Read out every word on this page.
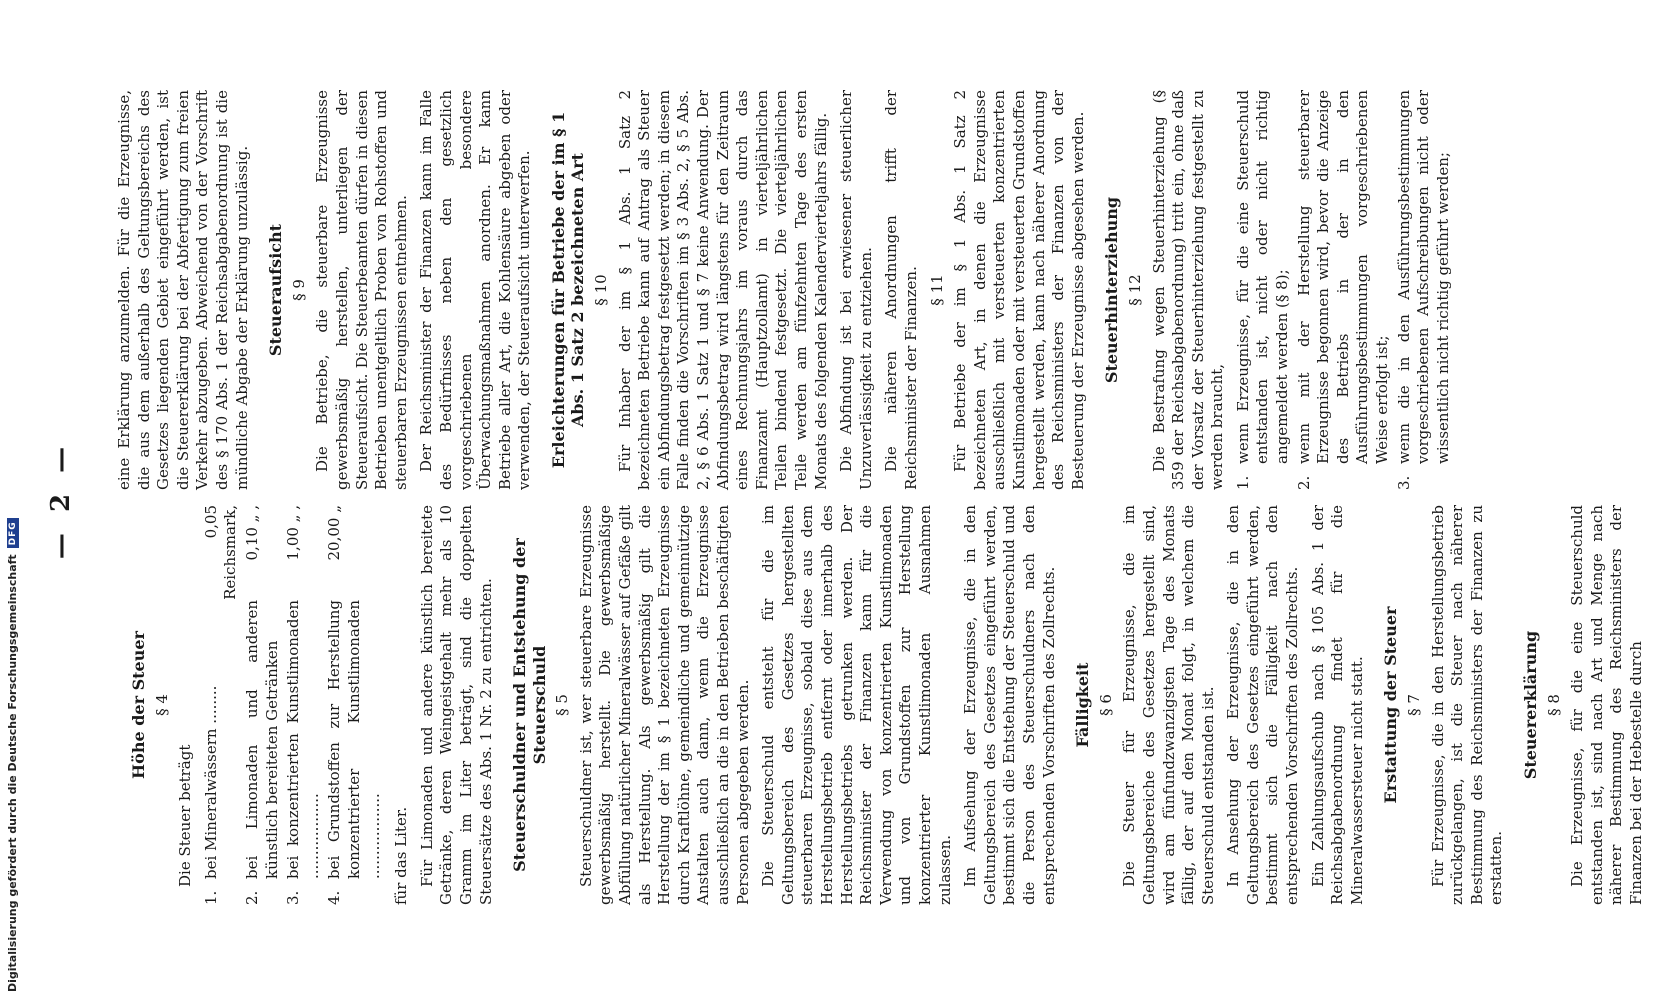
— 2 —
Höhe der Steuer § 4
Die Steuer beträgt
1.
bei Mineralwässern ........
0,05 Reichsmark,
2.
bei Limonaden und anderen künstlich bereiteten Getränken
0,10 „ ,
3.
bei konzentrierten Kunstlimonaden ..................
1,00 „ ,
4.
bei Grundstoffen zur Herstellung konzentrierter Kunstlimonaden ..................
20,00 „
für das Liter. Für Limonaden und andere künstlich bereitete Getränke, deren Weingeistgehalt mehr als 10 Gramm im Liter beträgt, sind die doppelten Steuersätze des Abs. 1 Nr. 2 zu entrichten. Steuerschuldner und Entstehung der Steuerschuld § 5 Steuerschuldner ist, wer steuerbare Erzeugnisse gewerbsmäßig herstellt. Die gewerbsmäßige Abfüllung natürlicher Mineralwässer auf Gefäße gilt als Herstellung. Als gewerbsmäßig gilt die Herstellung der im § 1 bezeichneten Erzeugnisse durch Kraftlöhne, gemeindliche und gemeinnützige Anstalten auch dann, wenn die Erzeugnisse ausschließlich an die in den Betrieben beschäftigten Personen abgegeben werden. Die Steuerschuld entsteht für die im Geltungsbereich des Gesetzes hergestellten steuerbaren Erzeugnisse, sobald diese aus dem Herstellungsbetrieb entfernt oder innerhalb des Herstellungsbetriebs getrunken werden. Der Reichsminister der Finanzen kann für die Verwendung von konzentrierten Kunstlimonaden und von Grundstoffen zur Herstellung konzentrierter Kunstlimonaden Ausnahmen zulassen. Im Aufsehung der Erzeugnisse, die in den Geltungsbereich des Gesetzes eingeführt werden, bestimmt sich die Entstehung der Steuerschuld und die Person des Steuerschuldners nach den entsprechenden Vorschriften des Zollrechts. Fälligkeit § 6 Die Steuer für Erzeugnisse, die im Geltungsbereiche des Gesetzes hergestellt sind, wird am fünfundzwanzigsten Tage des Monats fällig, der auf den Monat folgt, in welchem die Steuerschuld entstanden ist. In Ansehung der Erzeugnisse, die in den Geltungsbereich des Gesetzes eingeführt werden, bestimmt sich die Fälligkeit nach den entsprechenden Vorschriften des Zollrechts. Ein Zahlungsaufschub nach § 105 Abs. 1 der Reichsabgabenordnung findet für die Mineralwassersteuer nicht statt. Erstattung der Steuer § 7 Für Erzeugnisse, die in den Herstellungsbetrieb zurückgelangen, ist die Steuer nach näherer Bestimmung des Reichsministers der Finanzen zu erstatten.
Steuererklärung § 8 Die Erzeugnisse, für die eine Steuerschuld entstanden ist, sind nach Art und Menge nach näherer Bestimmung des Reichsministers der Finanzen bei der Hebestelle durch
eine Erklärung anzumelden. Für die Erzeugnisse, die aus dem außerhalb des Geltungsbereichs des Gesetzes liegenden Gebiet eingeführt werden, ist die Steuererklärung bei der Abfertigung zum freien Verkehr abzugeben. Abweichend von der Vorschrift des § 170 Abs. 1 der Reichsabgabenordnung ist die mündliche Abgabe der Erklärung unzulässig. Steueraufsicht § 9 Die Betriebe, die steuerbare Erzeugnisse gewerbsmäßig herstellen, unterliegen der Steueraufsicht. Die Steuerbeamten dürfen in diesen Betrieben unentgeltlich Proben von Rohstoffen und steuerbaren Erzeugnissen entnehmen. Der Reichsminister der Finanzen kann im Falle des Bedürfnisses neben den gesetzlich vorgeschriebenen besondere Überwachungsmaßnahmen anordnen. Er kann Betriebe aller Art, die Kohlensäure abgeben oder verwenden, der Steueraufsicht unterwerfen. Erleichterungen für Betriebe der im § 1 Abs. 1 Satz 2 bezeichneten Art § 10 Für Inhaber der im § 1 Abs. 1 Satz 2 bezeichneten Betriebe kann auf Antrag als Steuer ein Abfindungsbetrag festgesetzt werden; in diesem Falle finden die Vorschriften im § 3 Abs. 2, § 5 Abs. 2, § 6 Abs. 1 Satz 1 und § 7 keine Anwendung. Der Abfindungsbetrag wird längstens für den Zeitraum eines Rechnungsjahrs im voraus durch das Finanzamt (Hauptzollamt) in vierteljährlichen Teilen bindend festgesetzt. Die vierteljährlichen Teile werden am fünfzehnten Tage des ersten Monats des folgenden Kalendervierteljahrs fällig. Die Abfindung ist bei erwiesener steuerlicher Unzuverlässigkeit zu entziehen. Die näheren Anordnungen trifft der Reichsminister der Finanzen. § 11 Für Betriebe der im § 1 Abs. 1 Satz 2 bezeichneten Art, in denen die Erzeugnisse ausschließlich mit versteuerten konzentrierten Kunstlimonaden oder mit versteuerten Grundstoffen hergestellt werden, kann nach näherer Anordnung des Reichsministers der Finanzen von der Besteuerung der Erzeugnisse abgesehen werden. Steuerhinterziehung § 12 Die Bestrafung wegen Steuerhinterziehung (§ 359 der Reichsabgabenordnung) tritt ein, ohne daß der Vorsatz der Steuerhinterziehung festgestellt zu werden braucht, 1.
wenn Erzeugnisse, für die eine Steuerschuld entstanden ist, nicht oder nicht richtig angemeldet werden (§ 8);
2.
wenn mit der Herstellung steuerbarer Erzeugnisse begonnen wird, bevor die Anzeige des Betriebs in der in den Ausführungsbestimmungen vorgeschriebenen Weise erfolgt ist;
3.
wenn die in den Ausführungsbestimmungen vorgeschriebenen Aufschreibungen nicht oder wissentlich nicht richtig geführt werden;
Digitalisierung gefördert durch die Deutsche Forschungsgemeinschaft
DFG
